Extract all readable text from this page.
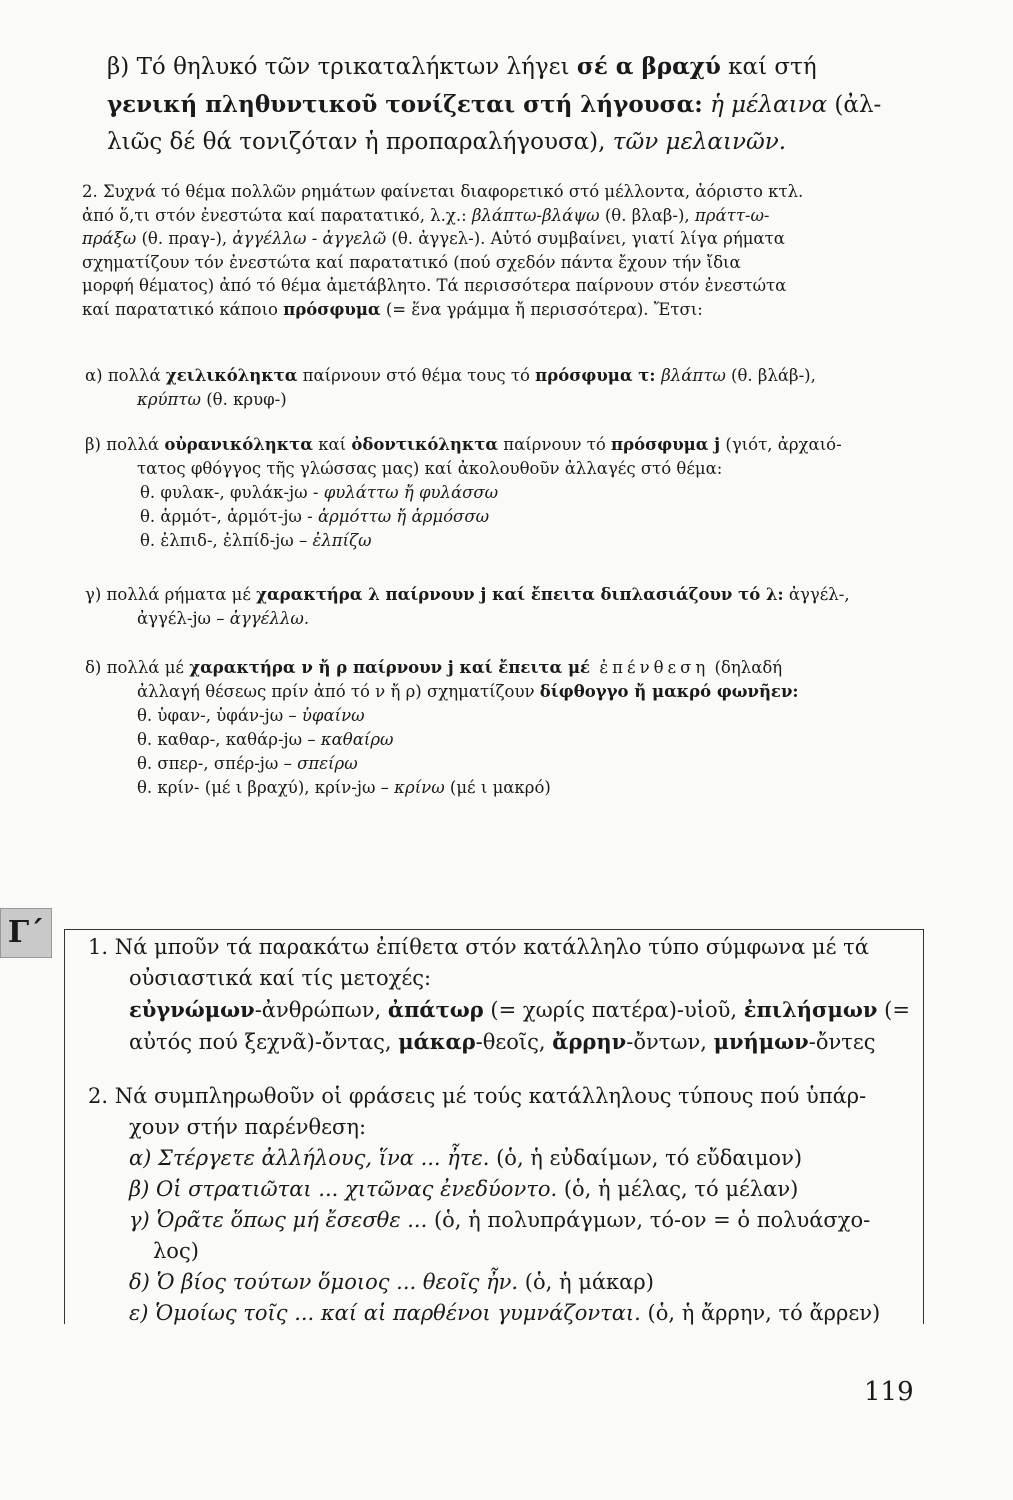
β) Τό θηλυκό τῶν τρικαταλήκτων λήγει σέ α βραχύ καί στή
γενική πληθυντικοῦ τονίζεται στή λήγουσα: ἡ μέλαινα (ἀλ-
λιῶς δέ θά τονιζόταν ἡ προπαραλήγουσα), τῶν μελαινῶν.
2. Συχνά τό θέμα πολλῶν ρημάτων φαίνεται διαφορετικό στό μέλλοντα, ἀόριστο κτλ.
ἀπό ὅ,τι στόν ἐνεστώτα καί παρατατικό, λ.χ.: βλάπτω-βλάψω (θ. βλαβ-), πράττ-ω-
πράξω (θ. πραγ-), ἀγγέλλω - ἀγγελῶ (θ. ἀγγελ-). Αὐτό συμβαίνει, γιατί λίγα ρήματα
σχηματίζουν τόν ἐνεστώτα καί παρατατικό (πού σχεδόν πάντα ἔχουν τήν ἴδια
μορφή θέματος) ἀπό τό θέμα ἀμετάβλητο. Τά περισσότερα παίρνουν στόν ἐνεστώτα
καί παρατατικό κάποιο πρόσφυμα (= ἕνα γράμμα ἤ περισσότερα). Ἔτσι:
α) πολλά χειλικόληκτα παίρνουν στό θέμα τους τό πρόσφυμα τ: βλάπτω (θ. βλάβ-),
κρύπτω (θ. κρυφ-)
β) πολλά οὐρανικόληκτα καί ὀδοντικόληκτα παίρνουν τό πρόσφυμα j (γιότ, ἀρχαιό-
τατος φθόγγος τῆς γλώσσας μας) καί ἀκολουθοῦν ἀλλαγές στό θέμα:
θ. φυλακ-, φυλάκ-jω - φυλάττω ἤ φυλάσσω
θ. ἁρμότ-, ἁρμότ-jω - ἁρμόττω ἤ ἁρμόσσω
θ. ἐλπιδ-, ἐλπίδ-jω – ἐλπίζω
γ) πολλά ρήματα μέ χαρακτήρα λ παίρνουν j καί ἔπειτα διπλασιάζουν τό λ: ἀγγέλ-,
ἀγγέλ-jω – ἀγγέλλω.
δ) πολλά μέ χαρακτήρα ν ἤ ρ παίρνουν j καί ἔπειτα μέ ἐπένθεση (δηλαδή
ἀλλαγή θέσεως πρίν ἀπό τό ν ἤ ρ) σχηματίζουν δίφθογγο ἤ μακρό φωνῆεν:
θ. ὑφαν-, ὑφάν-jω – ὑφαίνω
θ. καθαρ-, καθάρ-jω – καθαίρω
θ. σπερ-, σπέρ-jω – σπείρω
θ. κρίν- (μέ ι βραχύ), κρίν-jω – κρίνω (μέ ι μακρό)
Γ΄	1. Νά μποῦν τά παρακάτω ἐπίθετα στόν κατάλληλο τύπο σύμφωνα μέ τά
οὐσιαστικά καί τίς μετοχές:
εὐγνώμων-ἀνθρώπων, ἀπάτωρ (= χωρίς πατέρα)-υἱοῦ, ἐπιλήσμων (=
αὐτός πού ξεχνᾶ)-ὄντας, μάκαρ-θεοῖς, ἄρρην-ὄντων, μνήμων-ὄντες
2. Νά συμπληρωθοῦν οἱ φράσεις μέ τούς κατάλληλους τύπους πού ὑπάρ-
χουν στήν παρένθεση:
α) Στέργετε ἀλλήλους, ἵνα ... ἦτε. (ὁ, ἡ εὐδαίμων, τό εὔδαιμον)
β) Οἱ στρατιῶται ... χιτῶνας ἐνεδύοντο. (ὁ, ἡ μέλας, τό μέλαν)
γ) Ὁρᾶτε ὅπως μή ἔσεσθε ... (ὁ, ἡ πολυπράγμων, τό-ον = ὁ πολυάσχο-
λος)
δ) Ὁ βίος τούτων ὅμοιος ... θεοῖς ἦν. (ὁ, ἡ μάκαρ)
ε) Ὁμοίως τοῖς ... καί αἱ παρθένοι γυμνάζονται. (ὁ, ἡ ἄρρην, τό ἄρρεν)
119
